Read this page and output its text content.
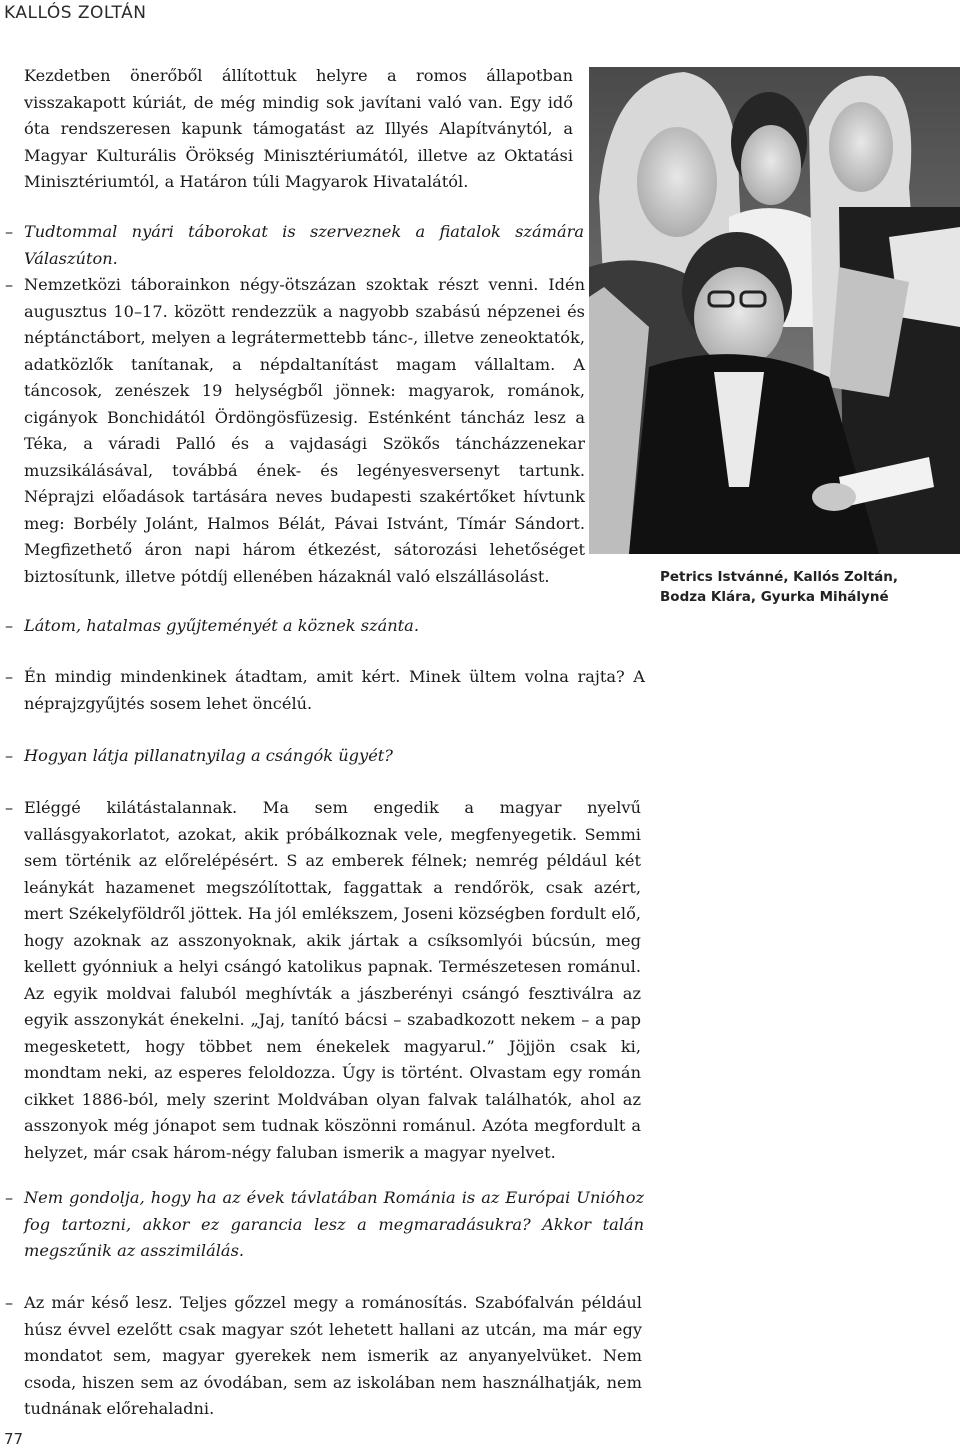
KALLÓS ZOLTÁN

Kezdetben önerőből állítottuk helyre a romos állapotban visszakapott kúriát, de még mindig sok javítani való van. Egy idő óta rendszeresen kapunk támogatást az Illyés Alapítványtól, a Magyar Kulturális Örökség Minisztériumától, illetve az Oktatási Minisztériumtól, a Határon túli Magyarok Hivatalától.

– Tudtommal nyári táborokat is szerveznek a fiatalok számára Válaszúton.

– Nemzetközi táborainkon négy-ötszázan szoktak részt venni. Idén augusztus 10–17. között rendezzük a nagyobb szabású népzenei és néptánctábort, melyen a legrátermettebb tánc-, illetve zeneoktatók, adatközlők tanítanak, a népdaltanítást magam vállaltam. A táncosok, zenészek 19 helységből jönnek: magyarok, románok, cigányok Bonchidától Ördöngösfüzesig. Esténként táncház lesz a Téka, a váradi Palló és a vajdasági Szökős táncházzenekar muzsikálásával, továbbá ének- és legényesversenyt tartunk. Néprajzi előadások tartására neves budapesti szakértőket hívtunk meg: Borbély Jolánt, Halmos Bélát, Pávai Istvánt, Tímár Sándort. Megfizethető áron napi három étkezést, sátorozási lehetőséget biztosítunk, illetve pótdíj ellenében házaknál való elszállásolást.	Petrics Istvánné, Kallós Zoltán,
Bodza Klára, Gyurka Mihályné

– Látom, hatalmas gyűjteményét a köznek szánta.

– Én mindig mindenkinek átadtam, amit kért. Minek ültem volna rajta? A néprajzgyűjtés sosem lehet öncélú.

– Hogyan látja pillanatnyilag a csángók ügyét?

– Eléggé kilátástalannak. Ma sem engedik a magyar nyelvű vallásgyakorlatot, azokat, akik próbálkoznak vele, megfenyegetik. Semmi sem történik az előrelépésért. S az emberek félnek; nemrég például két leánykát hazamenet megszólítottak, faggattak a rendőrök, csak azért, mert Székelyföldről jöttek. Ha jól emlékszem, Joseni községben fordult elő, hogy azoknak az asszonyoknak, akik jártak a csíksomlyói búcsún, meg kellett gyónniuk a helyi csángó katolikus papnak. Természetesen románul. Az egyik moldvai faluból meghívták a jászberényi csángó fesztiválra az egyik asszonykát énekelni. „Jaj, tanító bácsi – szabadkozott nekem – a pap megesketett, hogy többet nem énekelek magyarul.” Jöjjön csak ki, mondtam neki, az esperes feloldozza. Úgy is történt. Olvastam egy román cikket 1886-ból, mely szerint Moldvában olyan falvak találhatók, ahol az asszonyok még jónapot sem tudnak köszönni románul. Azóta megfordult a helyzet, már csak három-négy faluban ismerik a magyar nyelvet.

– Nem gondolja, hogy ha az évek távlatában Románia is az Európai Unióhoz fog tartozni, akkor ez garancia lesz a megmaradásukra? Akkor talán megszűnik az asszimilálás.

– Az már késő lesz. Teljes gőzzel megy a románosítás. Szabófalván például húsz évvel ezelőtt csak magyar szót lehetett hallani az utcán, ma már egy mondatot sem, magyar gyerekek nem ismerik az anyanyelvüket. Nem csoda, hiszen sem az óvodában, sem az iskolában nem használhatják, nem tudnának előrehaladni.

77
